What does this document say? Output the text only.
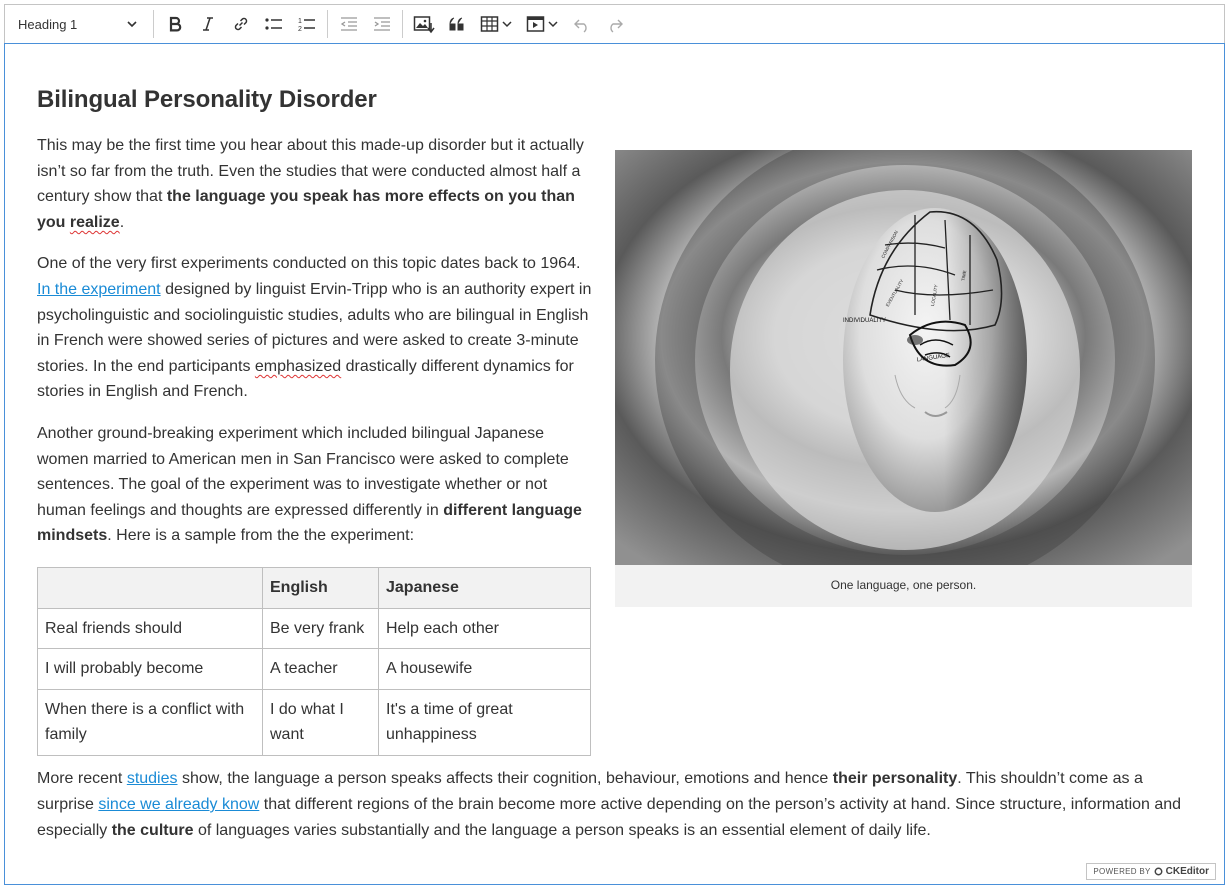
Heading 1	1
2
Bilingual Personality Disorder

This may be the first time you hear about this made-up disorder but it actually isn’t so far from the truth. Even the studies that were conducted almost half a century show that the language you speak has more effects on you than you realize.

One of the very first experiments conducted on this topic dates back to 1964. In the experiment designed by linguist Ervin-Tripp who is an authority expert in psycholinguistic and sociolinguistic studies, adults who are bilingual in English in French were showed series of pictures and were asked to create 3-minute stories. In the end participants emphasized drastically different dynamics for stories in English and French.

Another ground-breaking experiment which included bilingual Japanese women married to American men in San Francisco were asked to complete sentences. The goal of the experiment was to investigate whether or not human feelings and thoughts are expressed differently in different language mindsets. Here is a sample from the the experiment:

	English	Japanese
Real friends should	Be very frank	Help each other
I will probably become	A teacher	A housewife
When there is a conflict with family	I do what I want	It's a time of great unhappiness
INDIVIDUALITY
LANGUAGE
COMPARISON
EVENTUALITY	LOCALITY
TIME
One language, one person.

More recent studies show, the language a person speaks affects their cognition, behaviour, emotions and hence their personality. This shouldn’t come as a surprise since we already know that different regions of the brain become more active depending on the person’s activity at hand. Since structure, information and especially the culture of languages varies substantially and the language a person speaks is an essential element of daily life.

POWERED BY CKEditor
